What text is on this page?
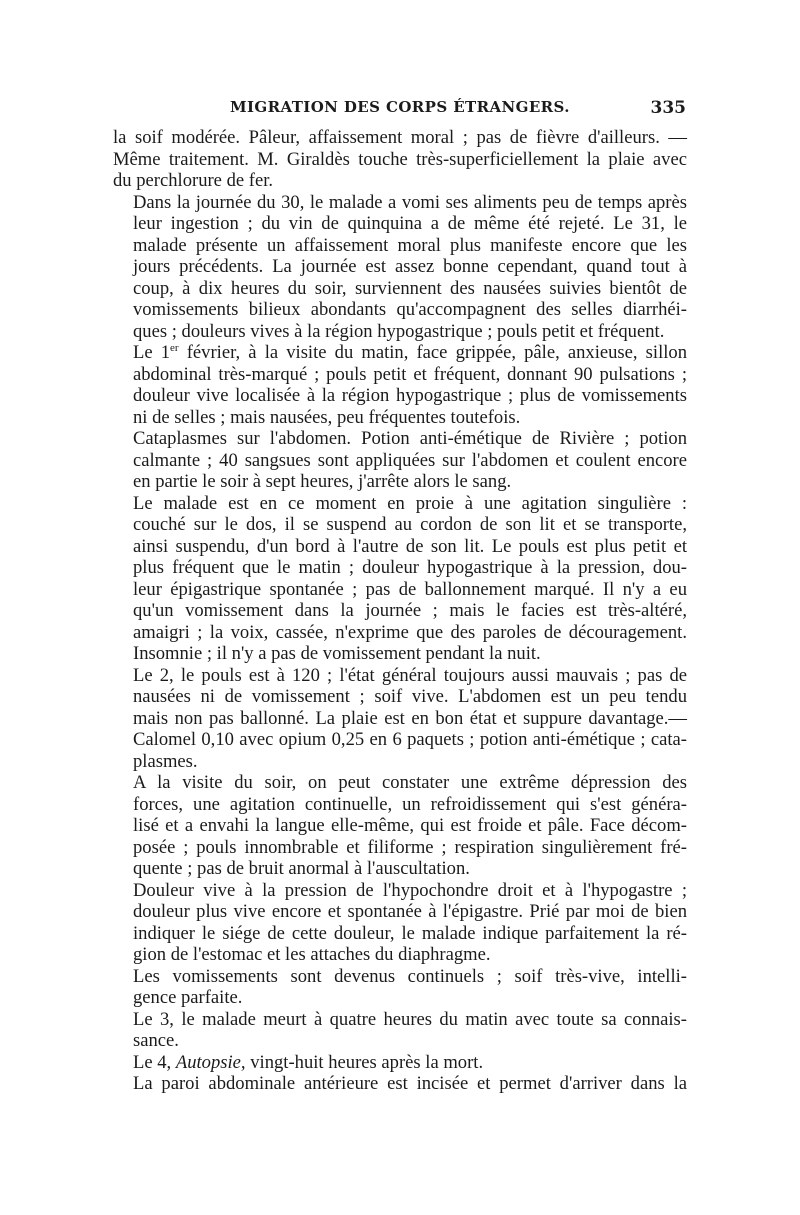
MIGRATION DES CORPS ÉTRANGERS.	335

la soif modérée. Pâleur, affaissement moral ; pas de fièvre d'ailleurs. —
Même traitement. M. Giraldès touche très-superficiellement la plaie avec
du perchlorure de fer.

Dans la journée du 30, le malade a vomi ses aliments peu de temps après
leur ingestion ; du vin de quinquina a de même été rejeté. Le 31, le
malade présente un affaissement moral plus manifeste encore que les
jours précédents. La journée est assez bonne cependant, quand tout à
coup, à dix heures du soir, surviennent des nausées suivies bientôt de
vomissements bilieux abondants qu'accompagnent des selles diarrhéi-
ques ; douleurs vives à la région hypogastrique ; pouls petit et fréquent.

Le 1er février, à la visite du matin, face grippée, pâle, anxieuse, sillon
abdominal très-marqué ; pouls petit et fréquent, donnant 90 pulsations ;
douleur vive localisée à la région hypogastrique ; plus de vomissements
ni de selles ; mais nausées, peu fréquentes toutefois.

Cataplasmes sur l'abdomen. Potion anti-émétique de Rivière ; potion
calmante ; 40 sangsues sont appliquées sur l'abdomen et coulent encore
en partie le soir à sept heures, j'arrête alors le sang.

Le malade est en ce moment en proie à une agitation singulière :
couché sur le dos, il se suspend au cordon de son lit et se transporte,
ainsi suspendu, d'un bord à l'autre de son lit. Le pouls est plus petit et
plus fréquent que le matin ; douleur hypogastrique à la pression, dou-
leur épigastrique spontanée ; pas de ballonnement marqué. Il n'y a eu
qu'un vomissement dans la journée ; mais le facies est très-altéré,
amaigri ; la voix, cassée, n'exprime que des paroles de découragement.
Insomnie ; il n'y a pas de vomissement pendant la nuit.

Le 2, le pouls est à 120 ; l'état général toujours aussi mauvais ; pas de
nausées ni de vomissement ; soif vive. L'abdomen est un peu tendu
mais non pas ballonné. La plaie est en bon état et suppure davantage.—
Calomel 0,10 avec opium 0,25 en 6 paquets ; potion anti-émétique ; cata-
plasmes.

A la visite du soir, on peut constater une extrême dépression des
forces, une agitation continuelle, un refroidissement qui s'est généra-
lisé et a envahi la langue elle-même, qui est froide et pâle. Face décom-
posée ; pouls innombrable et filiforme ; respiration singulièrement fré-
quente ; pas de bruit anormal à l'auscultation.

Douleur vive à la pression de l'hypochondre droit et à l'hypogastre ;
douleur plus vive encore et spontanée à l'épigastre. Prié par moi de bien
indiquer le siége de cette douleur, le malade indique parfaitement la ré-
gion de l'estomac et les attaches du diaphragme.

Les vomissements sont devenus continuels ; soif très-vive, intelli-
gence parfaite.

Le 3, le malade meurt à quatre heures du matin avec toute sa connais-
sance.

Le 4, Autopsie, vingt-huit heures après la mort.

La paroi abdominale antérieure est incisée et permet d'arriver dans la
